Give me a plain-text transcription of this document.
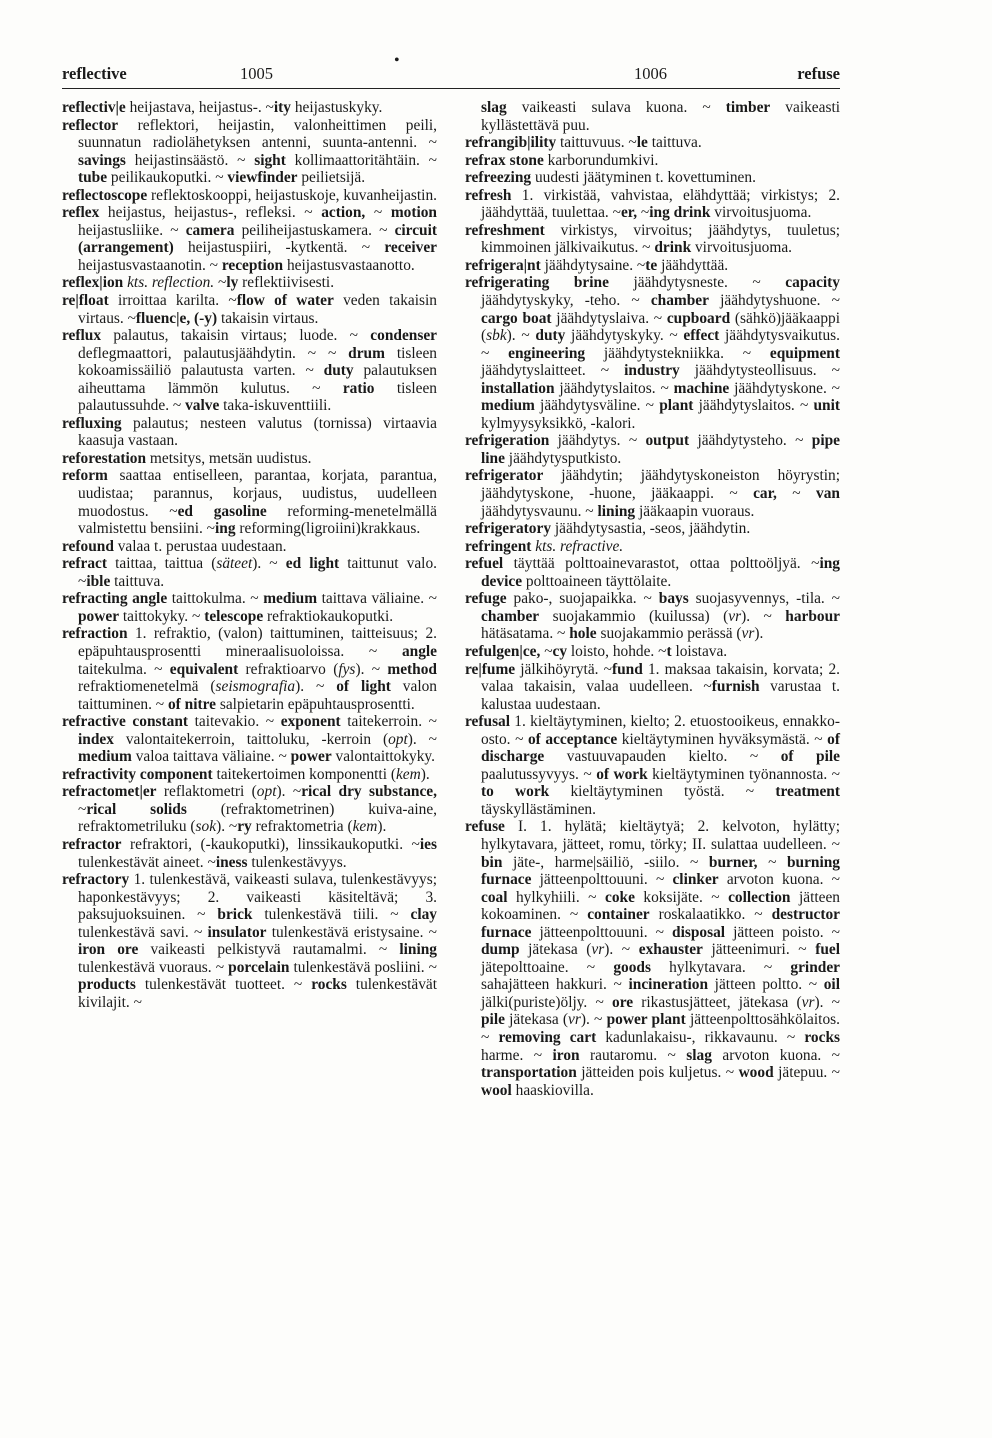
reflective	1005
•
1006	refuse

reflectiv|e heijastava, heijastus-. ~ity heijastuskyky.

reflector reflektori, heijastin, valonheittimen peili, suunnatun radiolähetyksen antenni, suunta-antenni. ~ savings heijastinsäästö. ~ sight kollimaattoritähtäin. ~ tube peilikaukoputki. ~ viewfinder peilietsijä.

reflectoscope reflektoskooppi, heijastuskoje, kuvanheijastin.

reflex heijastus, heijastus-, refleksi. ~ action, ~ motion heijastusliike. ~ camera peiliheijastuskamera. ~ circuit (arrangement) heijastuspiiri, -kytkentä. ~ receiver heijastusvastaanotin. ~ reception heijastusvastaanotto.

reflex|ion kts. reflection. ~ly reflektiivisesti.

re|float irroittaa karilta. ~flow of water veden takaisin virtaus. ~fluenc|e, (-y) takaisin virtaus.

reflux palautus, takaisin virtaus; luode. ~ condenser deflegmaattori, palautusjäähdytin. ~ ~ drum tisleen kokoamissäiliö palautusta varten. ~ duty palautuksen aiheuttama lämmön kulutus. ~ ratio tisleen palautussuhde. ~ valve taka-iskuventtiili.

refluxing palautus; nesteen valutus (tornissa) virtaavia kaasuja vastaan.

reforestation metsitys, metsän uudistus.

reform saattaa entiselleen, parantaa, korjata, parantua, uudistaa; parannus, korjaus, uudistus, uudelleen muodostus. ~ed gasoline reforming-menetelmällä valmistettu bensiini. ~ing reforming(ligroiini)krakkaus.

refound valaa t. perustaa uudestaan.

refract taittaa, taittua (säteet). ~ ed light taittunut valo. ~ible taittuva.

refracting angle taittokulma. ~ medium taittava väliaine. ~ power taittokyky. ~ telescope refraktiokaukoputki.

refraction 1. refraktio, (valon) taittuminen, taitteisuus; 2. epäpuhtausprosentti mineraalisuoloissa. ~ angle taitekulma. ~ equivalent refraktioarvo (fys). ~ method refraktiomenetelmä (seismografia). ~ of light valon taittuminen. ~ of nitre salpietarin epäpuhtausprosentti.

refractive constant taitevakio. ~ exponent taitekerroin. ~ index valontaitekerroin, taittoluku, -kerroin (opt). ~ medium valoa taittava väliaine. ~ power valontaittokyky.

refractivity component taitekertoimen komponentti (kem).

refractomet|er reflaktometri (opt). ~rical dry substance, ~rical solids (refraktometrinen) kuiva-aine, refraktometriluku (sok). ~ry refraktometria (kem).

refractor refraktori, (-kaukoputki), linssikaukoputki. ~ies tulenkestävät aineet. ~iness tulenkestävyys.

refractory 1. tulenkestävä, vaikeasti sulava, tulenkestävyys; haponkestävyys; 2. vaikeasti käsiteltävä; 3. paksujuoksuinen. ~ brick tulenkestävä tiili. ~ clay tulenkestävä savi. ~ insulator tulenkestävä eristysaine. ~ iron ore vaikeasti pelkistyvä rautamalmi. ~ lining tulenkestävä vuoraus. ~ porcelain tulenkestävä posliini. ~ products tulenkestävät tuotteet. ~ rocks tulenkestävät kivilajit. ~

slag vaikeasti sulava kuona. ~ timber vaikeasti kyllästettävä puu.

refrangib|ility taittuvuus. ~le taittuva.

refrax stone karborundumkivi.

refreezing uudesti jäätyminen t. kovettuminen.

refresh 1. virkistää, vahvistaa, elähdyttää; virkistys; 2. jäähdyttää, tuulettaa. ~er, ~ing drink virvoitusjuoma.

refreshment virkistys, virvoitus; jäähdytys, tuuletus; kimmoinen jälkivaikutus. ~ drink virvoitusjuoma.

refrigera|nt jäähdytysaine. ~te jäähdyttää.

refrigerating brine jäähdytysneste. ~ capacity jäähdytyskyky, -teho. ~ chamber jäähdytyshuone. ~ cargo boat jäähdytyslaiva. ~ cupboard (sähkö)jääkaappi (sbk). ~ duty jäähdytyskyky. ~ effect jäähdytysvaikutus. ~ engineering jäähdytystekniikka. ~ equipment jäähdytyslaitteet. ~ industry jäähdytysteollisuus. ~ installation jäähdytyslaitos. ~ machine jäähdytyskone. ~ medium jäähdytysväline. ~ plant jäähdytyslaitos. ~ unit kylmyysyksikkö, -kalori.

refrigeration jäähdytys. ~ output jäähdytysteho. ~ pipe line jäähdytysputkisto.

refrigerator jäähdytin; jäähdytyskoneiston höyrystin; jäähdytyskone, -huone, jääkaappi. ~ car, ~ van jäähdytysvaunu. ~ lining jääkaapin vuoraus.

refrigeratory jäähdytysastia, -seos, jäähdytin.

refringent kts. refractive.

refuel täyttää polttoainevarastot, ottaa polttoöljyä. ~ing device polttoaineen täyttölaite.

refuge pako-, suojapaikka. ~ bays suojasyvennys, -tila. ~ chamber suojakammio (kuilussa) (vr). ~ harbour hätäsatama. ~ hole suojakammio perässä (vr).

refulgen|ce, ~cy loisto, hohde. ~t loistava.

re|fume jälkihöyrytä. ~fund 1. maksaa takaisin, korvata; 2. valaa takaisin, valaa uudelleen. ~furnish varustaa t. kalustaa uudestaan.

refusal 1. kieltäytyminen, kielto; 2. etuostooikeus, ennakko-osto. ~ of acceptance kieltäytyminen hyväksymästä. ~ of discharge vastuuvapauden kielto. ~ of pile paalutussyvyys. ~ of work kieltäytyminen työnannosta. ~ to work kieltäytyminen työstä. ~ treatment täyskyllästäminen.

refuse I. 1. hylätä; kieltäytyä; 2. kelvoton, hylätty; hylkytavara, jätteet, romu, törky; II. sulattaa uudelleen. ~ bin jäte-, harme|säiliö, -siilo. ~ burner, ~ burning furnace jätteenpolttouuni. ~ clinker arvoton kuona. ~ coal hylkyhiili. ~ coke koksijäte. ~ collection jätteen kokoaminen. ~ container roskalaatikko. ~ destructor furnace jätteenpolttouuni. ~ disposal jätteen poisto. ~ dump jätekasa (vr). ~ exhauster jätteenimuri. ~ fuel jätepolttoaine. ~ goods hylkytavara. ~ grinder sahajätteen hakkuri. ~ incineration jätteen poltto. ~ oil jälki(puriste)öljy. ~ ore rikastusjätteet, jätekasa (vr). ~ pile jätekasa (vr). ~ power plant jätteenpolttosähkölaitos. ~ removing cart kadunlakaisu-, rikkavaunu. ~ rocks harme. ~ iron rautaromu. ~ slag arvoton kuona. ~ transportation jätteiden pois kuljetus. ~ wood jätepuu. ~ wool haaskiovilla.
